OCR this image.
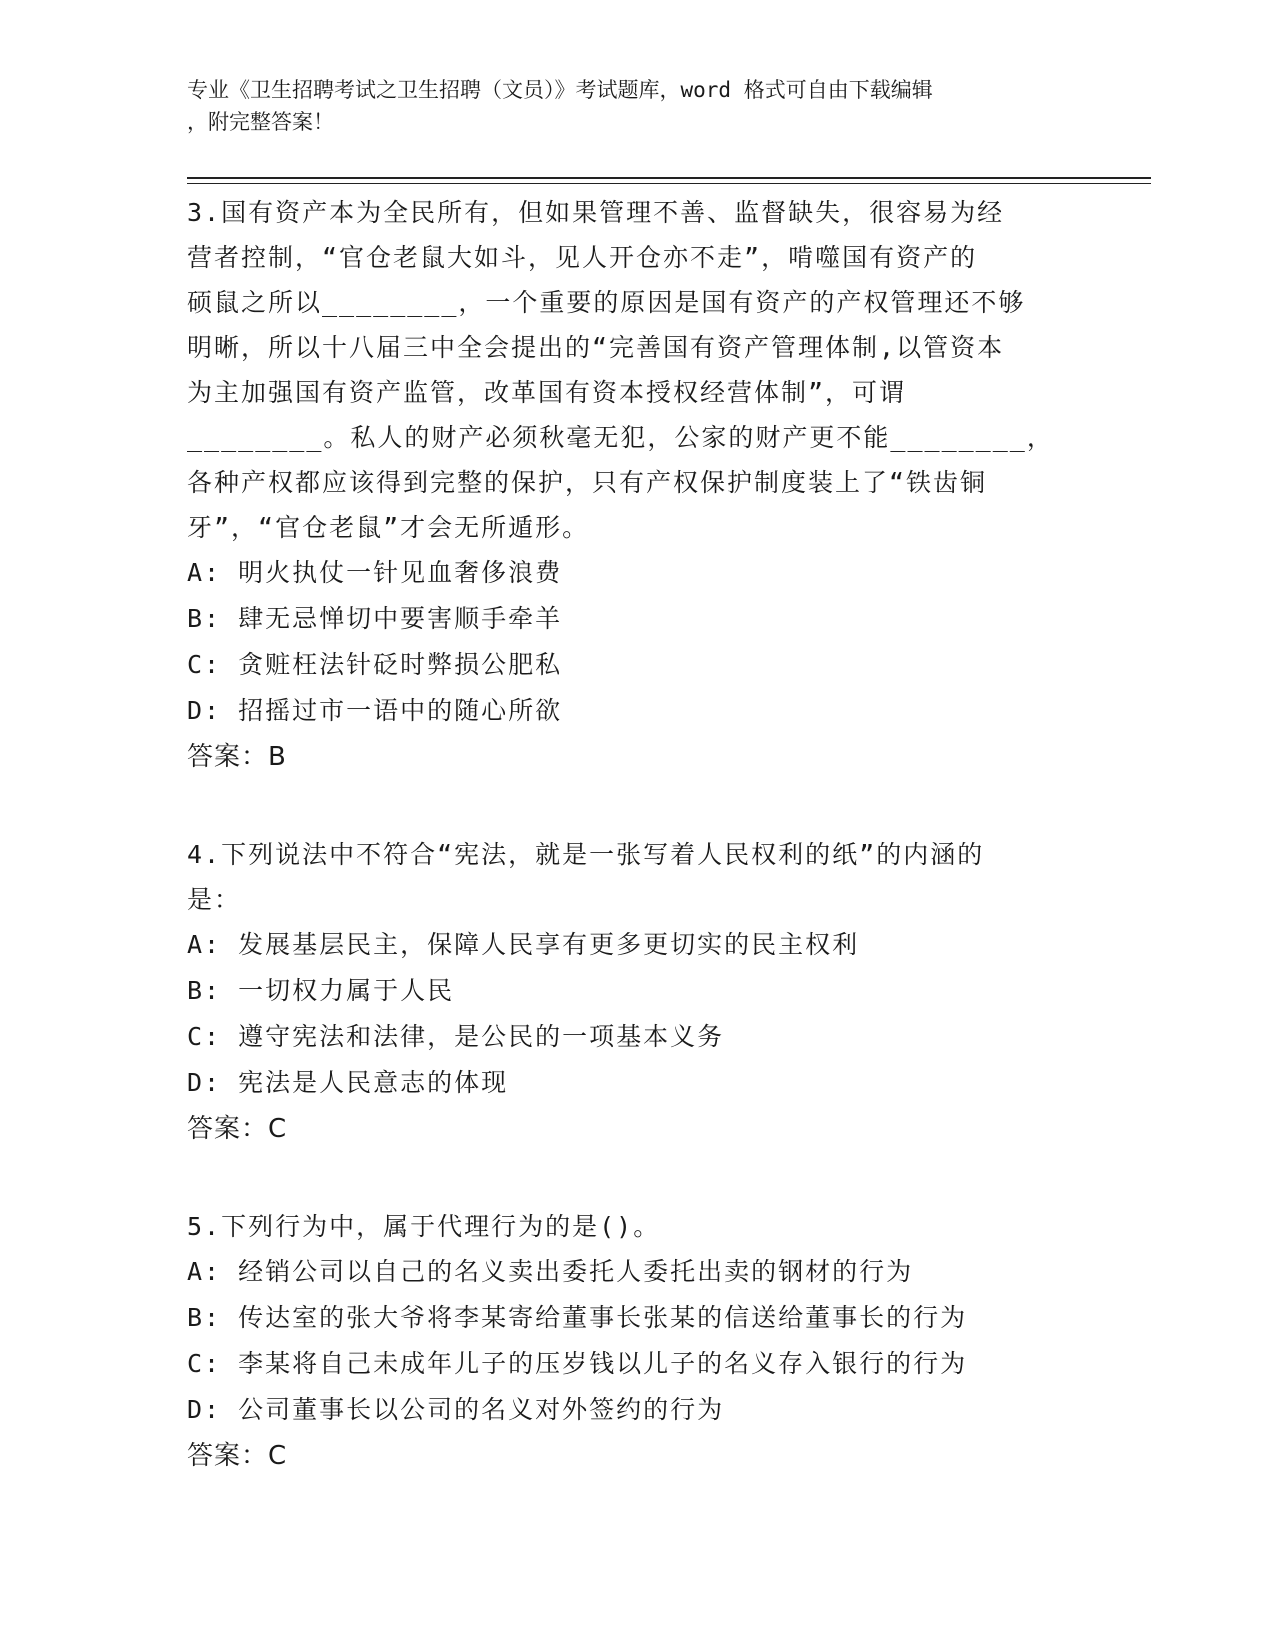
专业《卫生招聘考试之卫生招聘（文员）》考试题库，word 格式可自由下载编辑
，附完整答案！
3.国有资产本为全民所有，但如果管理不善、监督缺失，很容易为经
营者控制，“官仓老鼠大如斗，见人开仓亦不走”，啃噬国有资产的
硕鼠之所以________，一个重要的原因是国有资产的产权管理还不够
明晰，所以十八届三中全会提出的“完善国有资产管理体制,以管资本
为主加强国有资产监管，改革国有资本授权经营体制”，可谓
________。私人的财产必须秋毫无犯，公家的财产更不能________，
各种产权都应该得到完整的保护，只有产权保护制度装上了“铁齿铜
牙”，“官仓老鼠”才会无所遁形。
A: 明火执仗一针见血奢侈浪费
B: 肆无忌惮切中要害顺手牵羊
C: 贪赃枉法针砭时弊损公肥私
D: 招摇过市一语中的随心所欲
答案：B
4.下列说法中不符合“宪法，就是一张写着人民权利的纸”的内涵的
是：
A: 发展基层民主，保障人民享有更多更切实的民主权利
B: 一切权力属于人民
C: 遵守宪法和法律，是公民的一项基本义务
D: 宪法是人民意志的体现
答案：C
5.下列行为中，属于代理行为的是()。
A: 经销公司以自己的名义卖出委托人委托出卖的钢材的行为
B: 传达室的张大爷将李某寄给董事长张某的信送给董事长的行为
C: 李某将自己未成年儿子的压岁钱以儿子的名义存入银行的行为
D: 公司董事长以公司的名义对外签约的行为
答案：C
